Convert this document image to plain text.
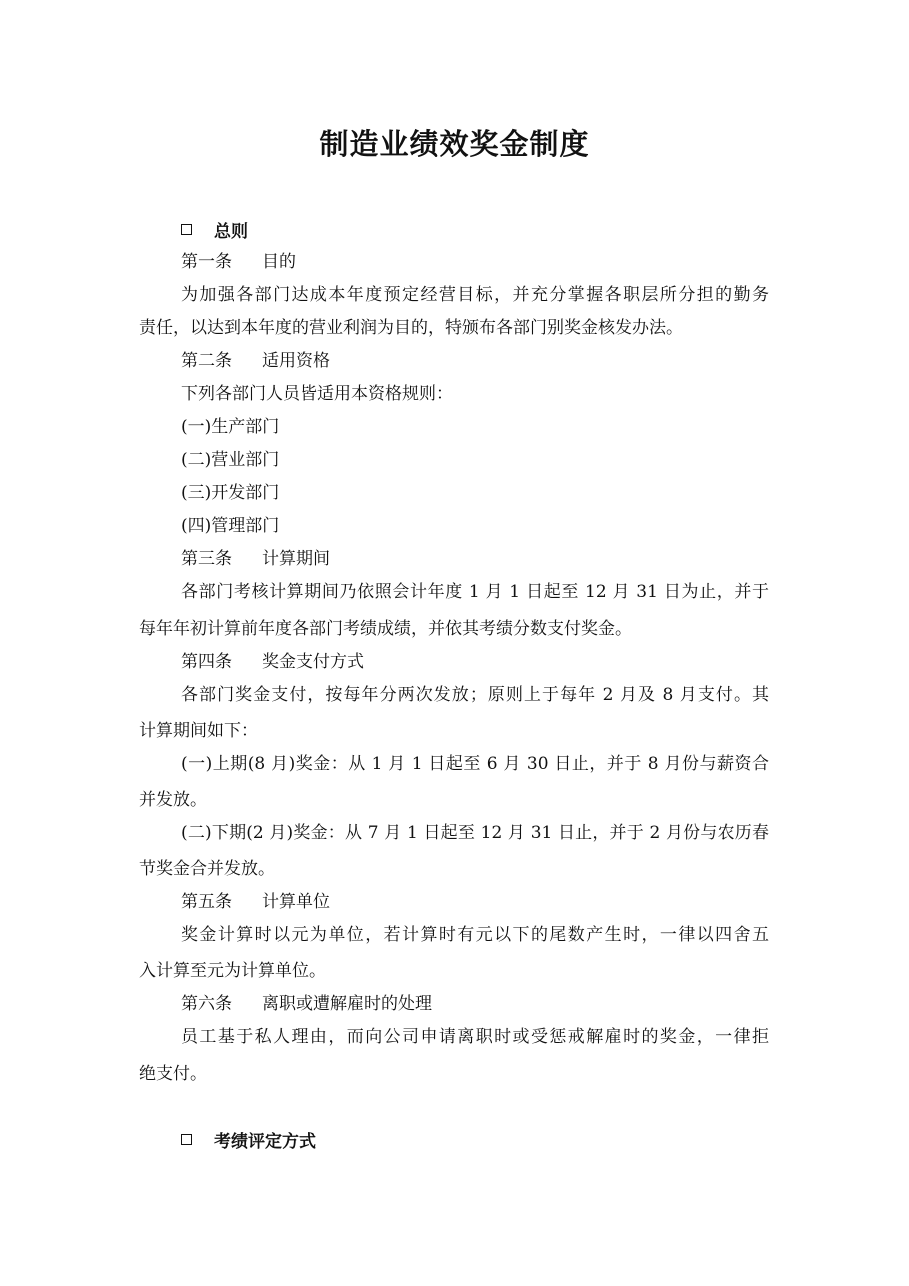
制造业绩效奖金制度
总则
第一条 目的
为加强各部门达成本年度预定经营目标，并充分掌握各职层所分担的勤务
责任，以达到本年度的营业利润为目的，特颁布各部门别奖金核发办法。
第二条 适用资格
下列各部门人员皆适用本资格规则：
(一)生产部门
(二)营业部门
(三)开发部门
(四)管理部门
第三条 计算期间
各部门考核计算期间乃依照会计年度 1 月 1 日起至 12 月 31 日为止，并于
每年年初计算前年度各部门考绩成绩，并依其考绩分数支付奖金。
第四条 奖金支付方式
各部门奖金支付，按每年分两次发放；原则上于每年 2 月及 8 月支付。其
计算期间如下：
(一)上期(8 月)奖金：从 1 月 1 日起至 6 月 30 日止，并于 8 月份与薪资合
并发放。
(二)下期(2 月)奖金：从 7 月 1 日起至 12 月 31 日止，并于 2 月份与农历春
节奖金合并发放。
第五条 计算单位
奖金计算时以元为单位，若计算时有元以下的尾数产生时，一律以四舍五
入计算至元为计算单位。
第六条 离职或遭解雇时的处理
员工基于私人理由，而向公司申请离职时或受惩戒解雇时的奖金，一律拒
绝支付。
考绩评定方式
